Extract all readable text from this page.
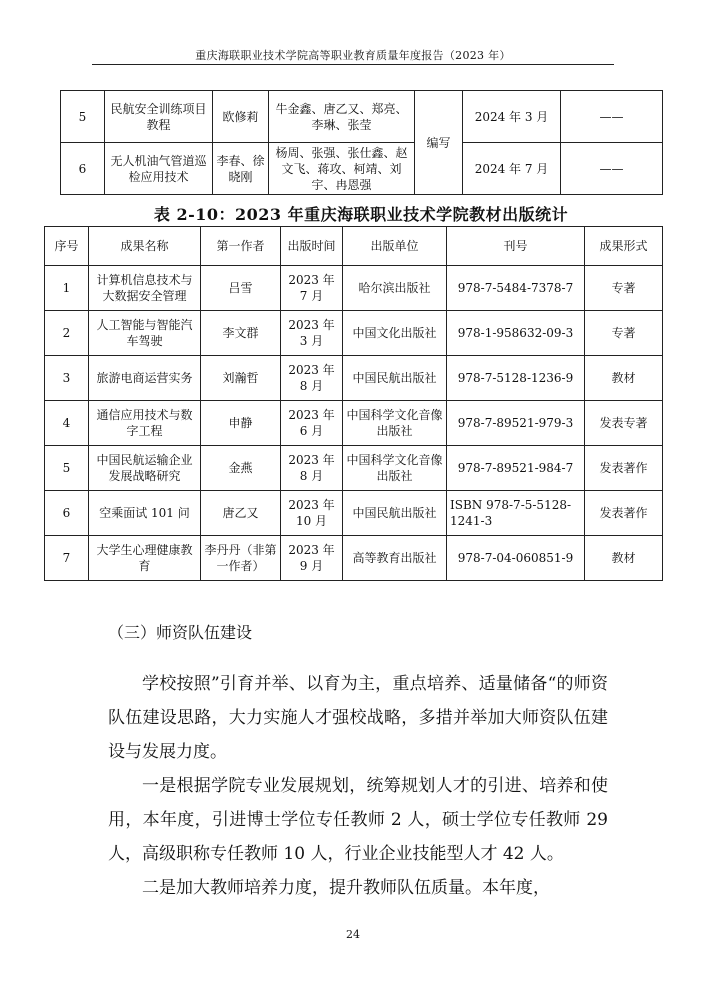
重庆海联职业技术学院高等职业教育质量年度报告（2023 年）
5	民航安全训练项目教程	欧修莉	牛金鑫、唐乙又、郑亮、李琳、张莹	编写	2024 年 3 月	——
6	无人机油气管道巡检应用技术	李春、徐晓刚	杨周、张强、张仕鑫、赵文飞、蒋攻、柯靖、刘宇、冉恩强		2024 年 7 月	——
表 2-10：2023 年重庆海联职业技术学院教材出版统计
序号	成果名称	第一作者	出版时间	出版单位	刊号	成果形式
1	计算机信息技术与大数据安全管理	吕雪	2023 年 7 月	哈尔滨出版社	978-7-5484-7378-7	专著
2	人工智能与智能汽车驾驶	李文群	2023 年 3 月	中国文化出版社	978-1-958632-09-3	专著
3	旅游电商运营实务	刘瀚哲	2023 年 8 月	中国民航出版社	978-7-5128-1236-9	教材
4	通信应用技术与数字工程	申静	2023 年 6 月	中国科学文化音像出版社	978-7-89521-979-3	发表专著
5	中国民航运输企业发展战略研究	金燕	2023 年 8 月	中国科学文化音像出版社	978-7-89521-984-7	发表著作
6	空乘面试 101 问	唐乙又	2023 年 10 月	中国民航出版社	ISBN 978-7-5-5128-1241-3	发表著作
7	大学生心理健康教育	李丹丹（非第一作者）	2023 年 9 月	高等教育出版社	978-7-04-060851-9	教材
（三）师资队伍建设

学校按照”引育并举、以育为主，重点培养、适量储备“的师资队伍建设思路，大力实施人才强校战略，多措并举加大师资队伍建设与发展力度。

一是根据学院专业发展规划，统筹规划人才的引进、培养和使用，本年度，引进博士学位专任教师 2 人，硕士学位专任教师 29 人，高级职称专任教师 10 人，行业企业技能型人才 42 人。

二是加大教师培养力度，提升教师队伍质量。本年度，

24
